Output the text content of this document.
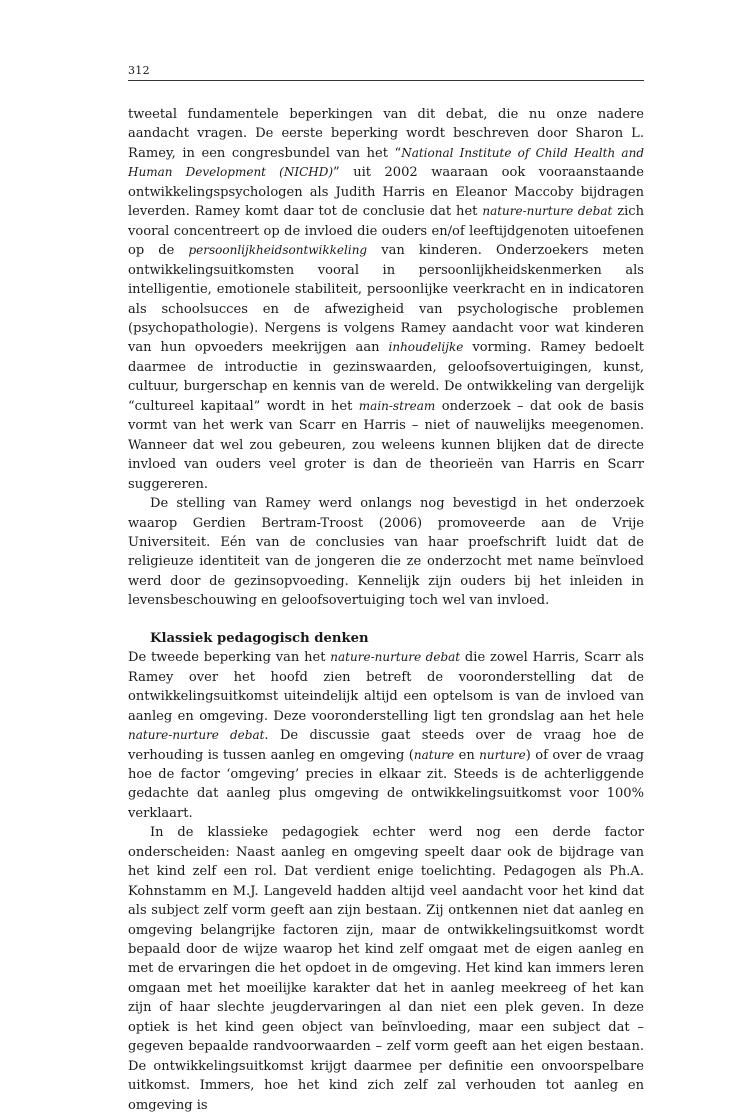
312

tweetal fundamentele beperkingen van dit debat, die nu onze nadere aandacht vragen. De eerste beperking wordt beschreven door Sharon L. Ramey, in een congresbundel van het “National Institute of Child Health and Human Development (NICHD)” uit 2002 waaraan ook vooraanstaande ontwikkelingspsychologen als Judith Harris en Eleanor Maccoby bijdragen leverden. Ramey komt daar tot de conclusie dat het nature-nurture debat zich vooral concentreert op de invloed die ouders en/of leeftijdgenoten uitoefenen op de persoonlijkheidsontwikkeling van kinderen. Onderzoekers meten ontwikkelingsuitkomsten vooral in persoonlijkheidskenmerken als intelligentie, emotionele stabiliteit, persoonlijke veerkracht en in indicatoren als schoolsucces en de afwezigheid van psychologische problemen (psychopathologie). Nergens is volgens Ramey aandacht voor wat kinderen van hun opvoeders meekrijgen aan inhoudelijke vorming. Ramey bedoelt daarmee de introductie in gezinswaarden, geloofsovertuigingen, kunst, cultuur, burgerschap en kennis van de wereld. De ontwikkeling van dergelijk “cultureel kapitaal” wordt in het main-stream onderzoek – dat ook de basis vormt van het werk van Scarr en Harris – niet of nauwelijks meegenomen. Wanneer dat wel zou gebeuren, zou weleens kunnen blijken dat de directe invloed van ouders veel groter is dan de theorieën van Harris en Scarr suggereren.

De stelling van Ramey werd onlangs nog bevestigd in het onderzoek waarop Gerdien Bertram-Troost (2006) promoveerde aan de Vrije Universiteit. Eén van de conclusies van haar proefschrift luidt dat de religieuze identiteit van de jongeren die ze onderzocht met name beïnvloed werd door de gezinsopvoeding. Kennelijk zijn ouders bij het inleiden in levensbeschouwing en geloofsovertuiging toch wel van invloed.

Klassiek pedagogisch denken

De tweede beperking van het nature-nurture debat die zowel Harris, Scarr als Ramey over het hoofd zien betreft de vooronderstelling dat de ontwikkelingsuitkomst uiteindelijk altijd een optelsom is van de invloed van aanleg en omgeving. Deze vooronderstelling ligt ten grondslag aan het hele nature-nurture debat. De discussie gaat steeds over de vraag hoe de verhouding is tussen aanleg en omgeving (nature en nurture) of over de vraag hoe de factor ‘omgeving’ precies in elkaar zit. Steeds is de achterliggende gedachte dat aanleg plus omgeving de ontwikkelingsuitkomst voor 100% verklaart.

In de klassieke pedagogiek echter werd nog een derde factor onderscheiden: Naast aanleg en omgeving speelt daar ook de bijdrage van het kind zelf een rol. Dat verdient enige toelichting. Pedagogen als Ph.A. Kohnstamm en M.J. Langeveld hadden altijd veel aandacht voor het kind dat als subject zelf vorm geeft aan zijn bestaan. Zij ontkennen niet dat aanleg en omgeving belangrijke factoren zijn, maar de ontwikkelingsuitkomst wordt bepaald door de wijze waarop het kind zelf omgaat met de eigen aanleg en met de ervaringen die het opdoet in de omgeving. Het kind kan immers leren omgaan met het moeilijke karakter dat het in aanleg meekreeg of het kan zijn of haar slechte jeugdervaringen al dan niet een plek geven. In deze optiek is het kind geen object van beïnvloeding, maar een subject dat – gegeven bepaalde randvoorwaarden – zelf vorm geeft aan het eigen bestaan. De ontwikkelingsuitkomst krijgt daarmee per definitie een onvoorspelbare uitkomst. Immers, hoe het kind zich zelf zal verhouden tot aanleg en omgeving is
